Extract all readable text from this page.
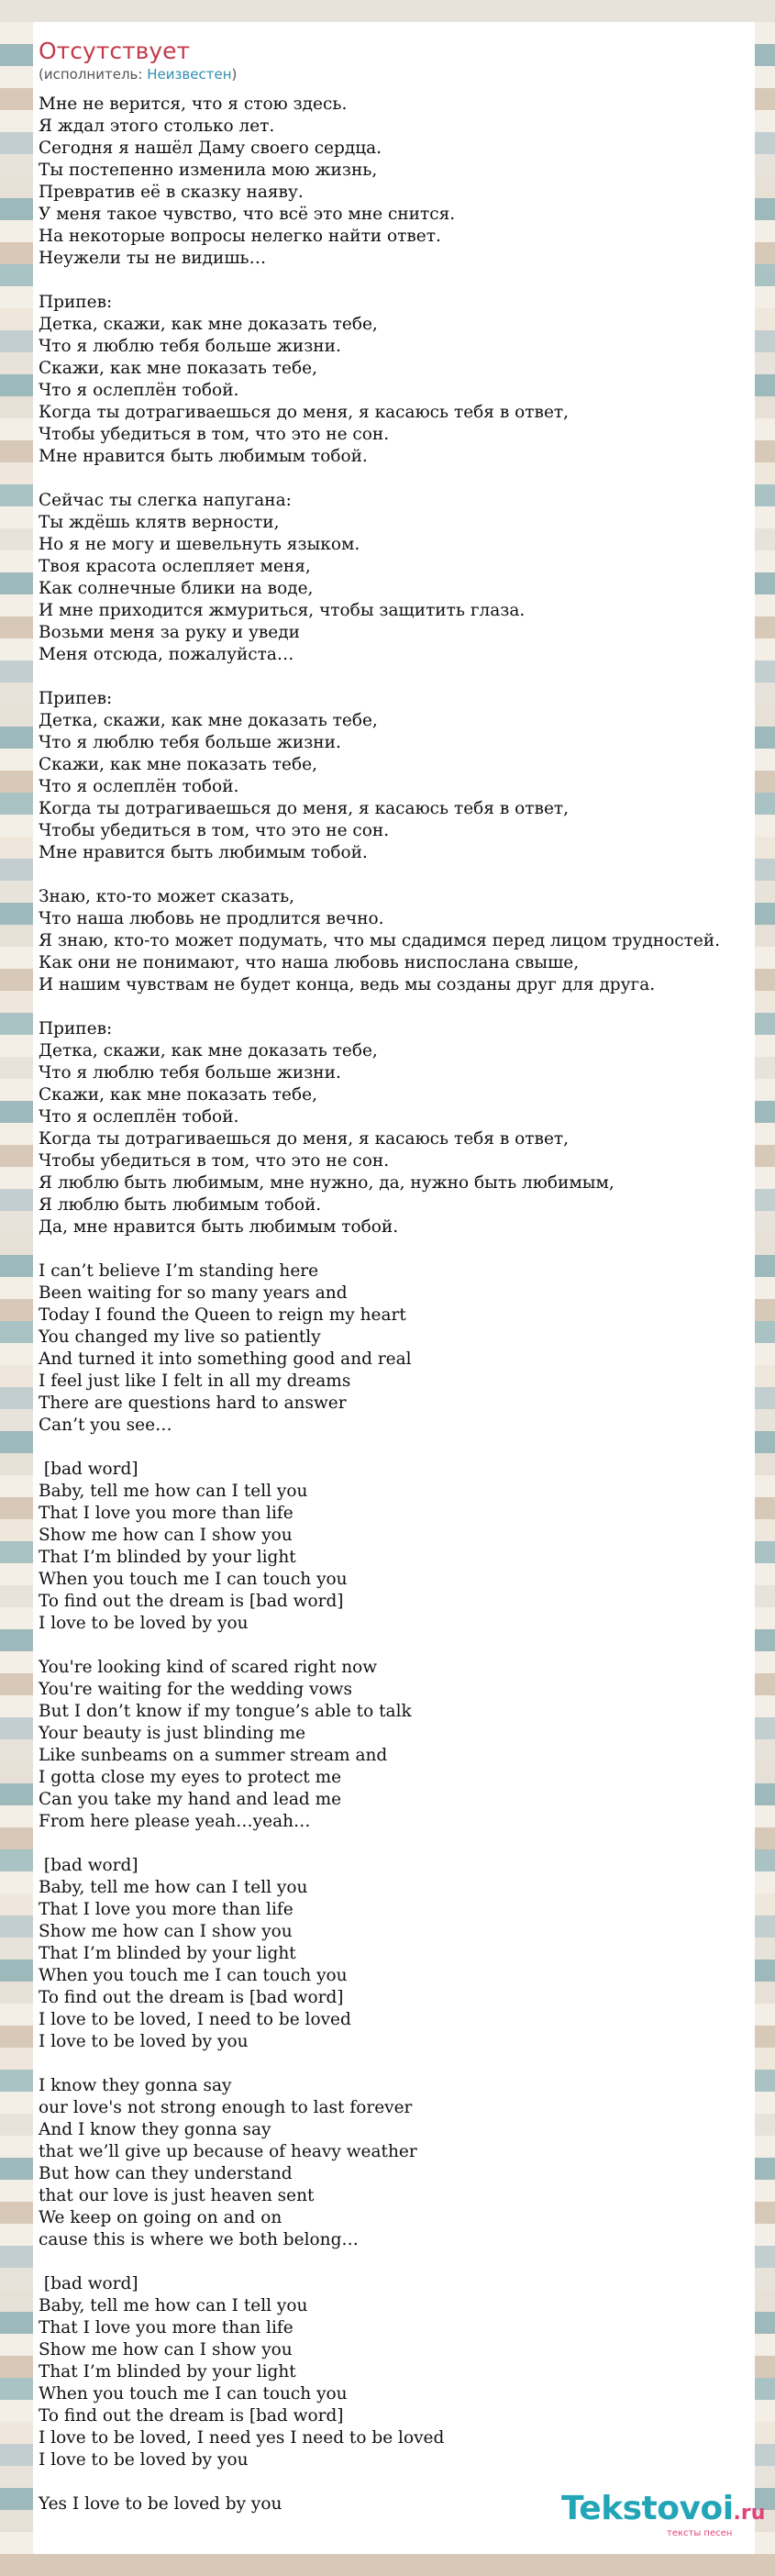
Отсутствует
(исполнитель: Неизвестен)
Мне не верится, что я стою здесь.
Я ждал этого столько лет.
Сегодня я нашёл Даму своего сердца.
Ты постепенно изменила мою жизнь,
Превратив её в сказку наяву.
У меня такое чувство, что всё это мне снится.
На некоторые вопросы нелегко найти ответ.
Неужели ты не видишь…

Припев:
Детка, скажи, как мне доказать тебе,
Что я люблю тебя больше жизни.
Скажи, как мне показать тебе,
Что я ослеплён тобой.
Когда ты дотрагиваешься до меня, я касаюсь тебя в ответ,
Чтобы убедиться в том, что это не сон.
Мне нравится быть любимым тобой.

Сейчас ты слегка напугана:
Ты ждёшь клятв верности,
Но я не могу и шевельнуть языком.
Твоя красота ослепляет меня,
Как солнечные блики на воде,
И мне приходится жмуриться, чтобы защитить глаза.
Возьми меня за руку и уведи
Меня отсюда, пожалуйста…

Припев:
Детка, скажи, как мне доказать тебе,
Что я люблю тебя больше жизни.
Скажи, как мне показать тебе,
Что я ослеплён тобой.
Когда ты дотрагиваешься до меня, я касаюсь тебя в ответ,
Чтобы убедиться в том, что это не сон.
Мне нравится быть любимым тобой.

Знаю, кто-то может сказать,
Что наша любовь не продлится вечно.
Я знаю, кто-то может подумать, что мы сдадимся перед лицом трудностей.
Как они не понимают, что наша любовь ниспослана свыше,
И нашим чувствам не будет конца, ведь мы созданы друг для друга.

Припев:
Детка, скажи, как мне доказать тебе,
Что я люблю тебя больше жизни.
Скажи, как мне показать тебе,
Что я ослеплён тобой.
Когда ты дотрагиваешься до меня, я касаюсь тебя в ответ,
Чтобы убедиться в том, что это не сон.
Я люблю быть любимым, мне нужно, да, нужно быть любимым,
Я люблю быть любимым тобой.
Да, мне нравится быть любимым тобой.

I can’t believe I’m standing here
Been waiting for so many years and
Today I found the Queen to reign my heart
You changed my live so patiently
And turned it into something good and real
I feel just like I felt in all my dreams
There are questions hard to answer
Can’t you see…

[bad word]
Baby, tell me how can I tell you
That I love you more than life
Show me how can I show you
That I’m blinded by your light
When you touch me I can touch you
To find out the dream is [bad word]
I love to be loved by you

You're looking kind of scared right now
You're waiting for the wedding vows
But I don’t know if my tongue’s able to talk
Your beauty is just blinding me
Like sunbeams on a summer stream and
I gotta close my eyes to protect me
Can you take my hand and lead me
From here please yeah…yeah…

[bad word]
Baby, tell me how can I tell you
That I love you more than life
Show me how can I show you
That I’m blinded by your light
When you touch me I can touch you
To find out the dream is [bad word]
I love to be loved, I need to be loved
I love to be loved by you

I know they gonna say
our love's not strong enough to last forever
And I know they gonna say
that we’ll give up because of heavy weather
But how can they understand
that our love is just heaven sent
We keep on going on and on
cause this is where we both belong…

[bad word]
Baby, tell me how can I tell you
That I love you more than life
Show me how can I show you
That I’m blinded by your light
When you touch me I can touch you
To find out the dream is [bad word]
I love to be loved, I need yes I need to be loved
I love to be loved by you

Yes I love to be loved by you	Tekstovoi.ru
тексты песен
